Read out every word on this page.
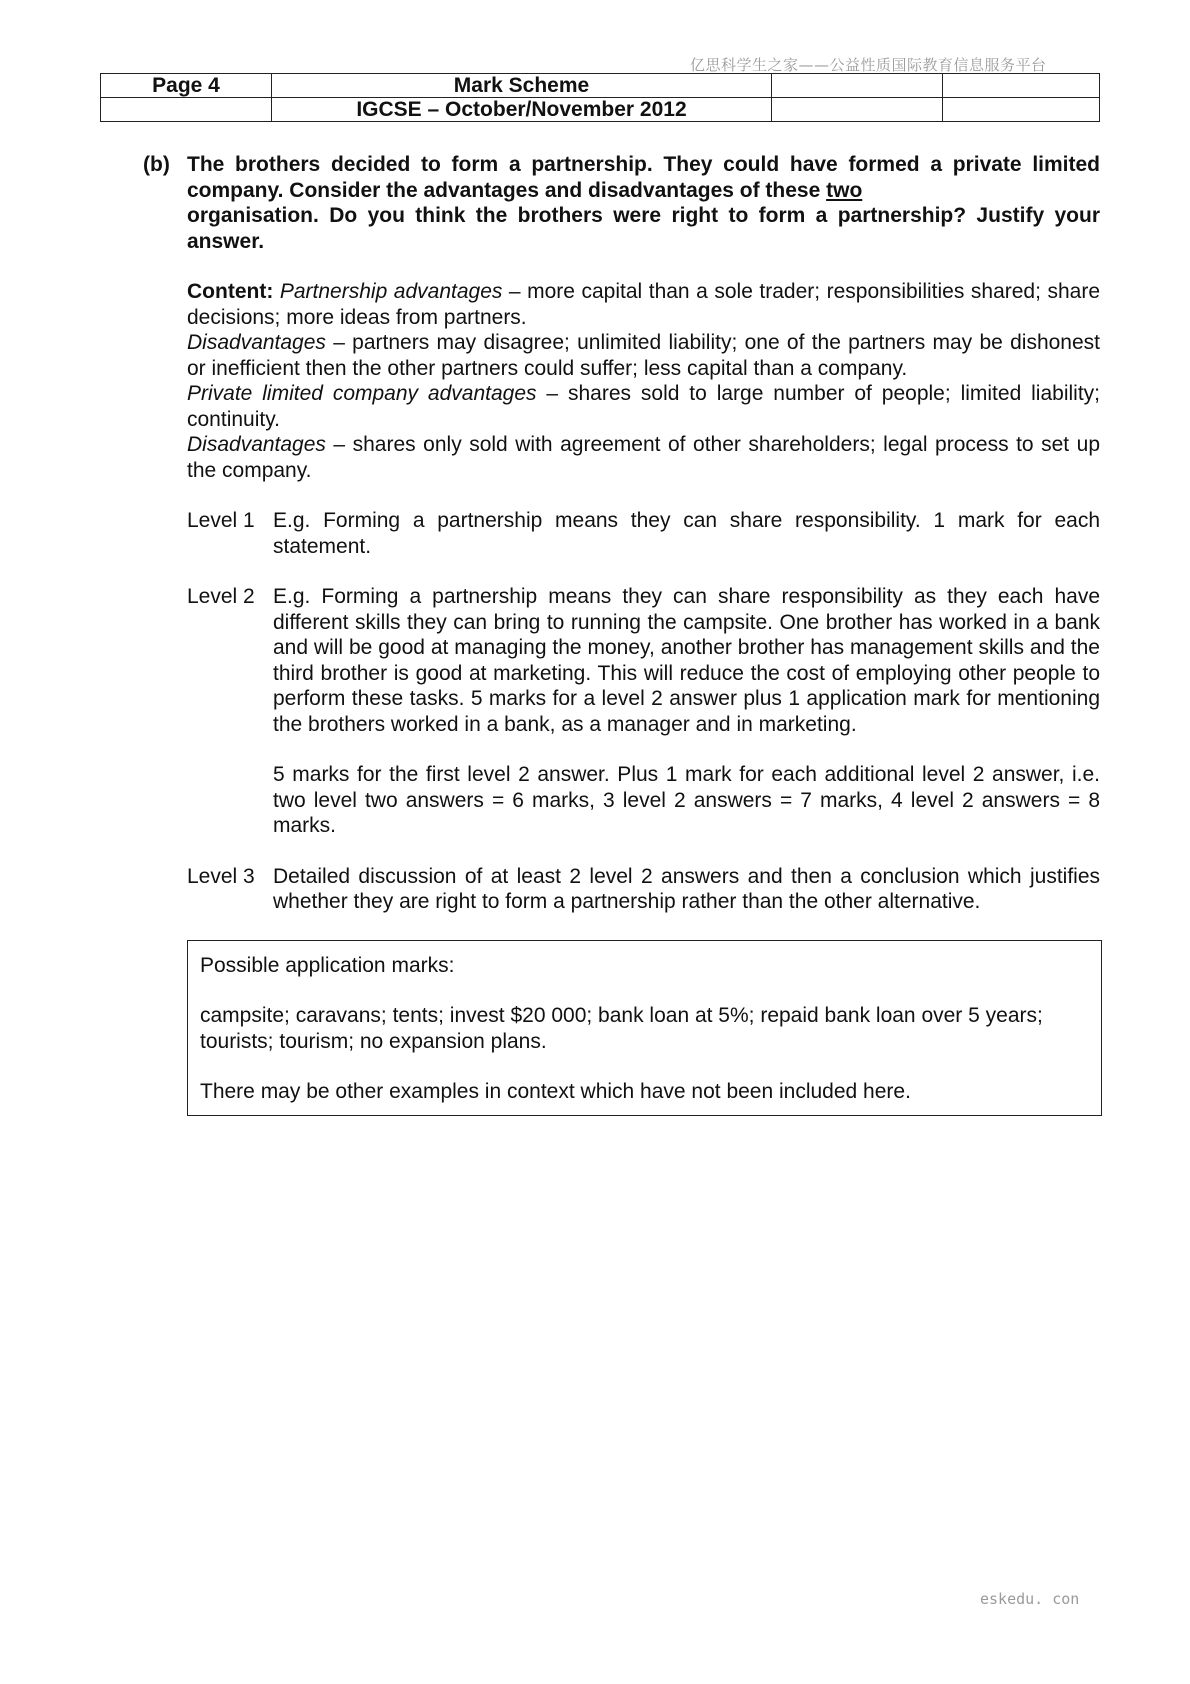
亿思科学生之家——公益性质国际教育信息服务平台
Page 4	Mark Scheme		
	IGCSE – October/November 2012		
(b) The brothers decided to form a partnership. They could have formed a private limited company. Consider the advantages and disadvantages of these two
organisation. Do you think the brothers were right to form a partnership? Justify your answer.

Content: Partnership advantages – more capital than a sole trader; responsibilities shared; share decisions; more ideas from partners.

Disadvantages – partners may disagree; unlimited liability; one of the partners may be dishonest or inefficient then the other partners could suffer; less capital than a company.

Private limited company advantages – shares sold to large number of people; limited liability; continuity.

Disadvantages – shares only sold with agreement of other shareholders; legal process to set up the company.

Level 1 E.g. Forming a partnership means they can share responsibility. 1 mark for each statement.
Level 2 E.g. Forming a partnership means they can share responsibility as they each have different skills they can bring to running the campsite. One brother has worked in a bank and will be good at managing the money, another brother has management skills and the third brother is good at marketing. This will reduce the cost of employing other people to perform these tasks. 5 marks for a level 2 answer plus 1 application mark for mentioning the brothers worked in a bank, as a manager and in marketing.
5 marks for the first level 2 answer. Plus 1 mark for each additional level 2 answer, i.e. two level two answers = 6 marks, 3 level 2 answers = 7 marks, 4 level 2 answers = 8 marks.
Level 3 Detailed discussion of at least 2 level 2 answers and then a conclusion which justifies whether they are right to form a partnership rather than the other alternative.

Possible application marks:

campsite; caravans; tents; invest $20 000; bank loan at 5%; repaid bank loan over 5 years; tourists; tourism; no expansion plans.

There may be other examples in context which have not been included here.

eskedu. con
